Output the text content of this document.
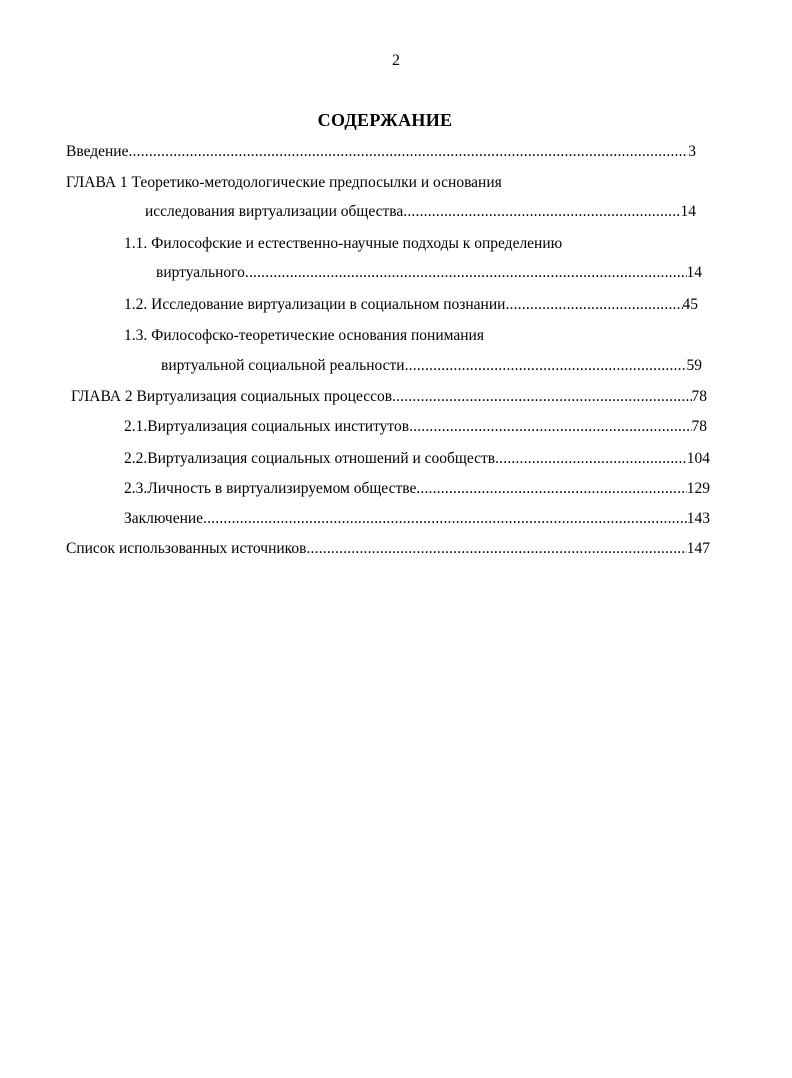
2
СОДЕРЖАНИЕ
Введение .....	3
ГЛАВА 1 Теоретико-методологические предпосылки и основания
исследования виртуализации общества .....	14
1.1. Философские и естественно-научные подходы к определению
виртуального .....	14
1.2. Исследование виртуализации в социальном познании .....	45
1.3. Философско-теоретические основания понимания
виртуальной социальной реальности .....	59
ГЛАВА 2 Виртуализация социальных процессов .....	78
2.1.Виртуализация социальных институтов .....	78
2.2.Виртуализация социальных отношений и сообществ .....	104
2.3.Личность в виртуализируемом обществе .....	129
Заключение .....	143
Список использованных источников .....	147
